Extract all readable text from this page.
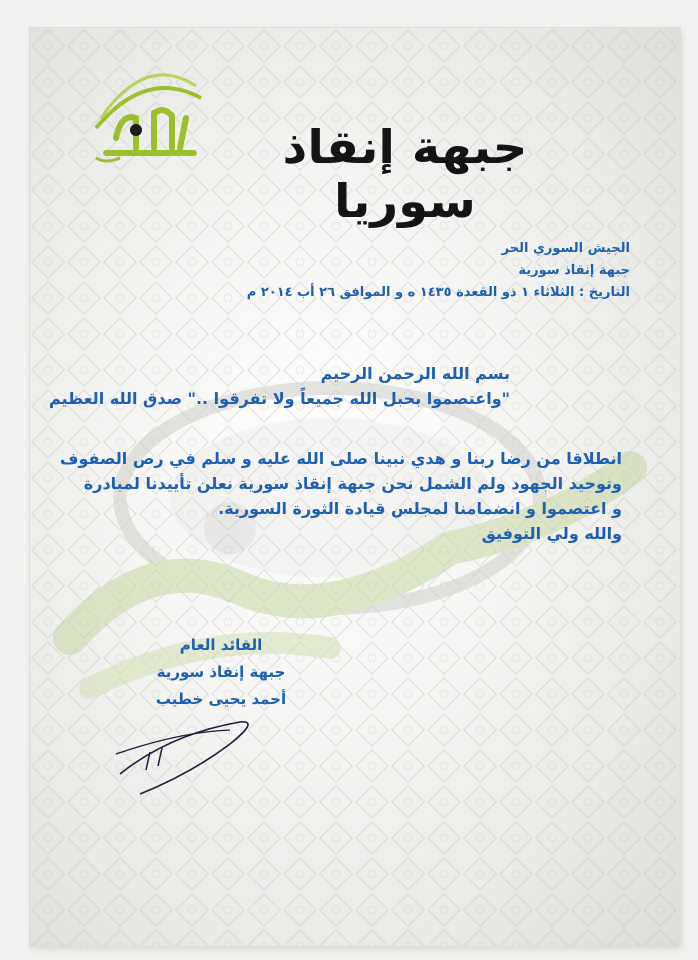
جبهة إنقاذ سوريا
الجيش السوري الحر
جبهة إنقاذ سورية
التاريخ : الثلاثاء ١ ذو القعدة ١٤٣٥ ه و الموافق ٢٦ أب ٢٠١٤ م
بسم الله الرحمن الرحيم
"واعتصموا بحبل الله جميعاً ولا تفرقوا .." صدق الله العظيم
انطلاقا من رضا ربنا و هدي نبينا صلى الله عليه و سلم في رص الصفوف
وتوحيد الجهود ولم الشمل نحن جبهة إنقاذ سورية نعلن تأييدنا لمبادرة
و اعتصموا و انضمامنا لمجلس قيادة الثورة السورية.
والله ولي التوفيق
القائد العام
جبهة إنقاذ سورية
أحمد يحيى خطيب
